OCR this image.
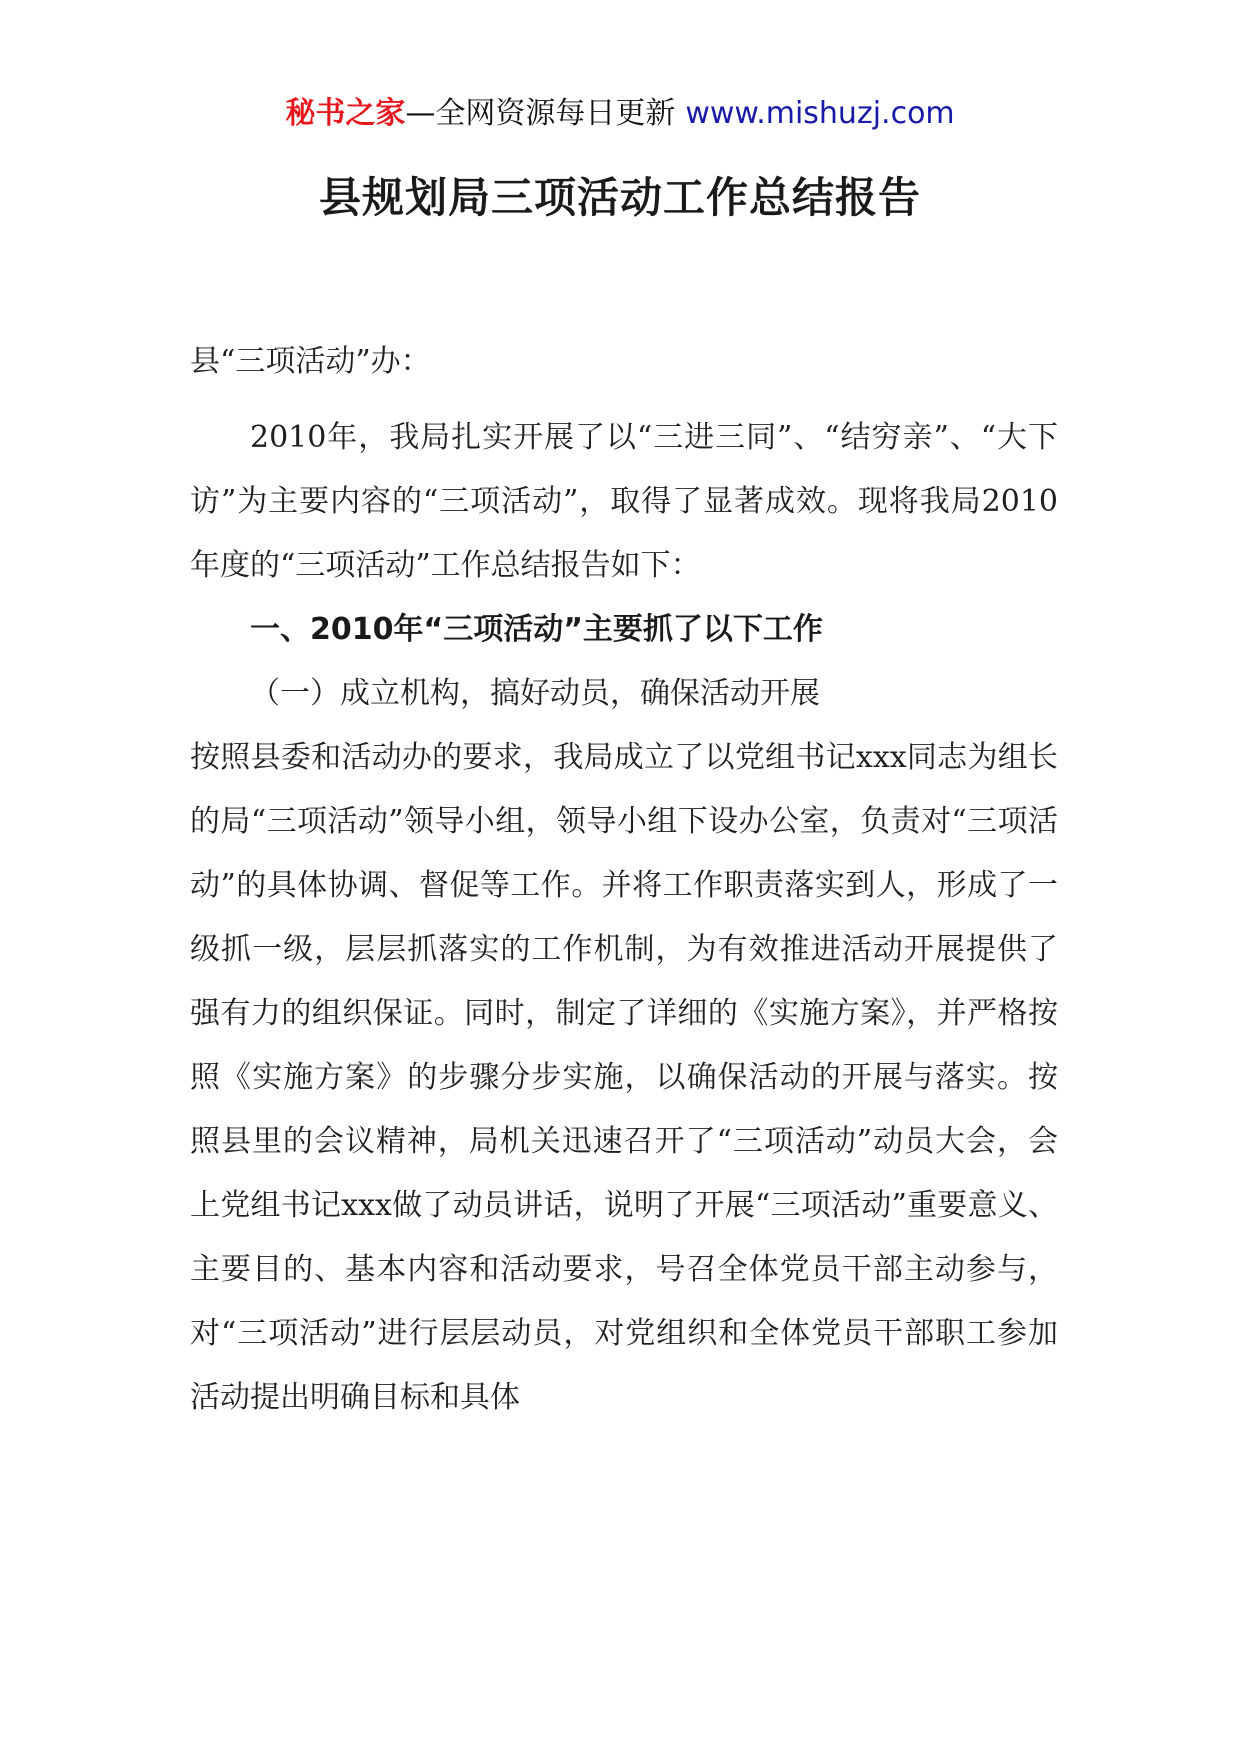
秘书之家—全网资源每日更新 www.mishuzj.com
县规划局三项活动工作总结报告

县“三项活动”办：

2010年，我局扎实开展了以“三进三同”、“结穷亲”、“大下访”为主要内容的“三项活动”，取得了显著成效。现将我局2010年度的“三项活动”工作总结报告如下：

一、2010年“三项活动”主要抓了以下工作

（一）成立机构，搞好动员，确保活动开展

按照县委和活动办的要求，我局成立了以党组书记xxx同志为组长的局“三项活动”领导小组，领导小组下设办公室，负责对“三项活动”的具体协调、督促等工作。并将工作职责落实到人，形成了一级抓一级，层层抓落实的工作机制，为有效推进活动开展提供了强有力的组织保证。同时，制定了详细的《实施方案》，并严格按照《实施方案》的步骤分步实施，以确保活动的开展与落实。按照县里的会议精神，局机关迅速召开了“三项活动”动员大会，会上党组书记xxx做了动员讲话，说明了开展“三项活动”重要意义、主要目的、基本内容和活动要求，号召全体党员干部主动参与，对“三项活动”进行层层动员，对党组织和全体党员干部职工参加活动提出明确目标和具体
